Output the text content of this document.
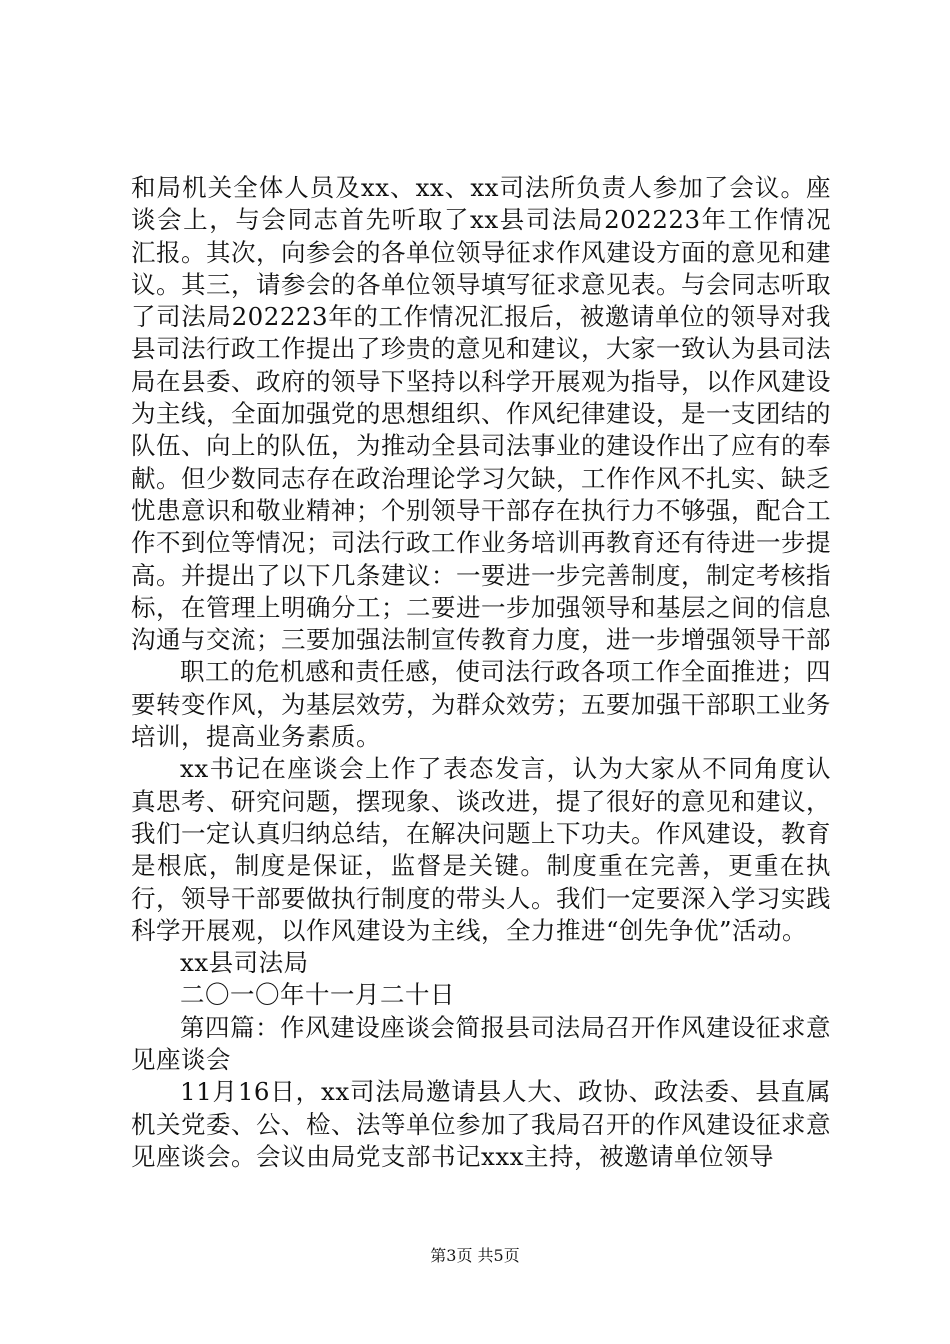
和局机关全体人员及xx、xx、xx司法所负责人参加了会议。座谈会上，与会同志首先听取了xx县司法局202223年工作情况汇报。其次，向参会的各单位领导征求作风建设方面的意见和建议。其三，请参会的各单位领导填写征求意见表。与会同志听取了司法局202223年的工作情况汇报后，被邀请单位的领导对我县司法行政工作提出了珍贵的意见和建议，大家一致认为县司法局在县委、政府的领导下坚持以科学开展观为指导，以作风建设为主线，全面加强党的思想组织、作风纪律建设，是一支团结的队伍、向上的队伍，为推动全县司法事业的建设作出了应有的奉献。但少数同志存在政治理论学习欠缺，工作作风不扎实、缺乏忧患意识和敬业精神；个别领导干部存在执行力不够强，配合工作不到位等情况；司法行政工作业务培训再教育还有待进一步提高。并提出了以下几条建议：一要进一步完善制度，制定考核指标，在管理上明确分工；二要进一步加强领导和基层之间的信息沟通与交流；三要加强法制宣传教育力度，进一步增强领导干部

职工的危机感和责任感，使司法行政各项工作全面推进；四要转变作风，为基层效劳，为群众效劳；五要加强干部职工业务培训，提高业务素质。

xx书记在座谈会上作了表态发言，认为大家从不同角度认真思考、研究问题，摆现象、谈改进，提了很好的意见和建议，我们一定认真归纳总结，在解决问题上下功夫。作风建设，教育是根底，制度是保证，监督是关键。制度重在完善，更重在执行，领导干部要做执行制度的带头人。我们一定要深入学习实践科学开展观，以作风建设为主线，全力推进“创先争优”活动。

xx县司法局

二〇一〇年十一月二十日

第四篇：作风建设座谈会简报县司法局召开作风建设征求意见座谈会

11月16日，xx司法局邀请县人大、政协、政法委、县直属机关党委、公、检、法等单位参加了我局召开的作风建设征求意见座谈会。会议由局党支部书记xxx主持，被邀请单位领导

第3页 共5页
